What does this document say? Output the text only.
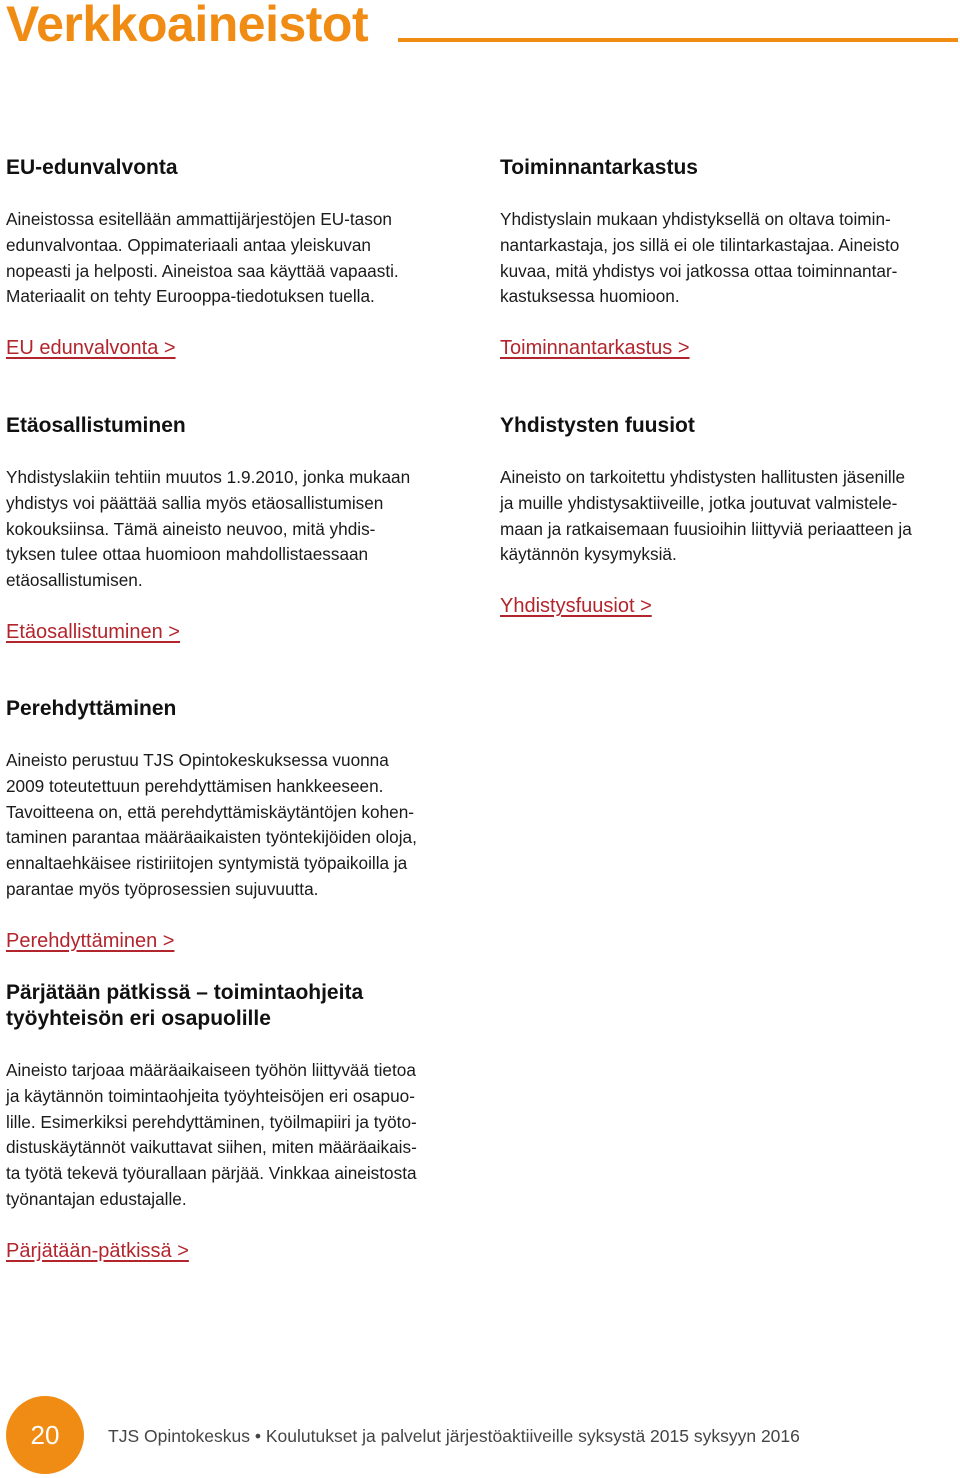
Verkkoaineistot
EU-edunvalvonta

Aineistossa esitellään ammattijärjestöjen EU-tason

edunvalvontaa. Oppimateriaali antaa yleiskuvan

nopeasti ja helposti. Aineistoa saa käyttää vapaasti.

Materiaalit on tehty Eurooppa-tiedotuksen tuella.

EU edunvalvonta >
Toiminnantarkastus

Yhdistyslain mukaan yhdistyksellä on oltava toimin-

nantarkastaja, jos sillä ei ole tilintarkastajaa. Aineisto

kuvaa, mitä yhdistys voi jatkossa ottaa toiminnantar-

kastuksessa huomioon.

Toiminnantarkastus >
Etäosallistuminen

Yhdistyslakiin tehtiin muutos 1.9.2010, jonka mukaan

yhdistys voi päättää sallia myös etäosallistumisen

kokouksiinsa. Tämä aineisto neuvoo, mitä yhdis-

tyksen tulee ottaa huomioon mahdollistaessaan

etäosallistumisen.

Etäosallistuminen >
Yhdistysten fuusiot

Aineisto on tarkoitettu yhdistysten hallitusten jäsenille

ja muille yhdistysaktiiveille, jotka joutuvat valmistele-

maan ja ratkaisemaan fuusioihin liittyviä periaatteen ja

käytännön kysymyksiä.

Yhdistysfuusiot >
Perehdyttäminen

Aineisto perustuu TJS Opintokeskuksessa vuonna

2009 toteutettuun perehdyttämisen hankkeeseen.

Tavoitteena on, että perehdyttämiskäytäntöjen kohen-

taminen parantaa määräaikaisten työntekijöiden oloja,

ennaltaehkäisee ristiriitojen syntymistä työpaikoilla ja

parantae myös työprosessien sujuvuutta.

Perehdyttäminen >
Pärjätään pätkissä – toimintaohjeita
työyhteisön eri osapuolille

Aineisto tarjoaa määräaikaiseen työhön liittyvää tietoa

ja käytännön toimintaohjeita työyhteisöjen eri osapuo-

lille. Esimerkiksi perehdyttäminen, työilmapiiri ja työto-

distuskäytännöt vaikuttavat siihen, miten määräaikais-

ta työtä tekevä työurallaan pärjää. Vinkkaa aineistosta

työnantajan edustajalle.

Pärjätään-pätkissä >
20	TJS Opintokeskus • Koulutukset ja palvelut järjestöaktiiveille syksystä 2015 syksyyn 2016
